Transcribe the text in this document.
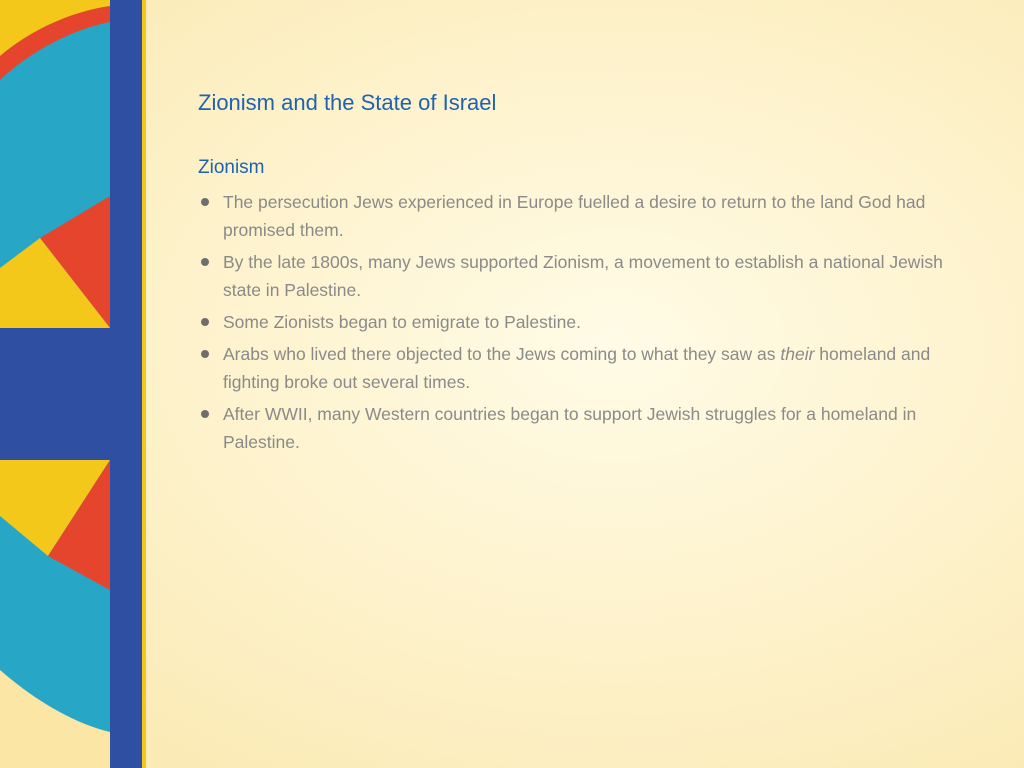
Zionism and the State of Israel
Zionism
The persecution Jews experienced in Europe fuelled a desire to return to the land God had promised them.
By the late 1800s, many Jews supported Zionism, a movement to establish a national Jewish state in Palestine.
Some Zionists began to emigrate to Palestine.
Arabs who lived there objected to the Jews coming to what they saw as their homeland and fighting broke out several times.
After WWII, many Western countries began to support Jewish struggles for a homeland in Palestine.
